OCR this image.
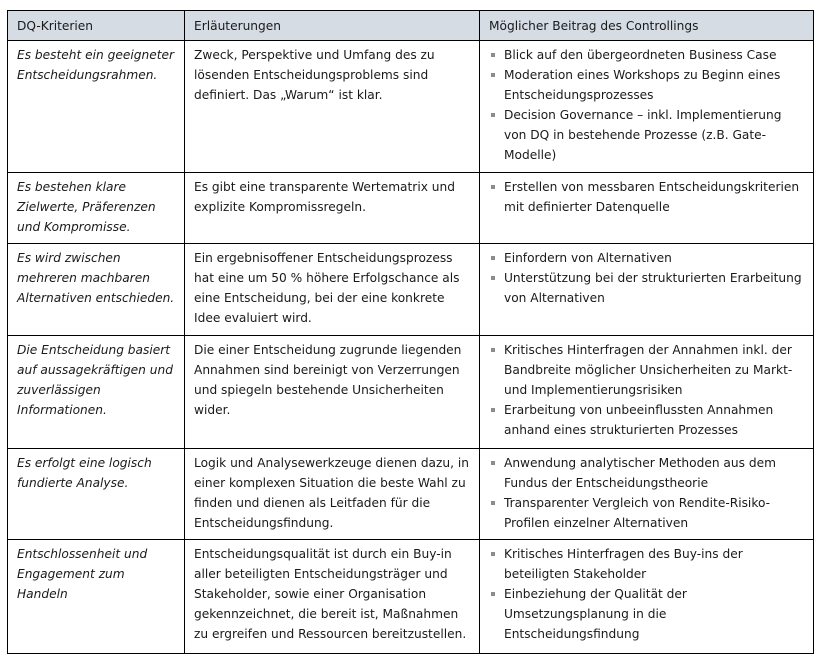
DQ-Kriterien	Erläuterungen	Möglicher Beitrag des Controllings
Es besteht ein geeigneter Entscheidungsrahmen.	Zweck, Perspektive und Umfang des zu lösenden Entscheidungsproblems sind definiert. Das „Warum“ ist klar.	
Blick auf den übergeordneten Business Case
Moderation eines Workshops zu Beginn eines Entscheidungsprozesses
Decision Governance – inkl. Implementierung von DQ in bestehende Prozesse (z.B. Gate-Modelle)

Es bestehen klare Zielwerte, Präferenzen und Kompromisse.	Es gibt eine transparente Wertematrix und explizite Kompromissregeln.	
Erstellen von messbaren Entscheidungskriterien mit definierter Datenquelle

Es wird zwischen mehreren machbaren Alternativen entschieden.	Ein ergebnisoffener Entscheidungsprozess hat eine um 50 % höhere Erfolgschance als eine Entscheidung, bei der eine konkrete Idee evaluiert wird.	
Einfordern von Alternativen
Unterstützung bei der strukturierten Erarbeitung von Alternativen

Die Entscheidung basiert auf aussagekräftigen und zuverlässigen Informationen.	Die einer Entscheidung zugrunde liegenden Annahmen sind bereinigt von Verzerrungen und spiegeln bestehende Unsicherheiten wider.	
Kritisches Hinterfragen der Annahmen inkl. der Bandbreite möglicher Unsicherheiten zu Markt- und Implementierungsrisiken
Erarbeitung von unbeeinflussten Annahmen anhand eines strukturierten Prozesses

Es erfolgt eine logisch fundierte Analyse.	Logik und Analysewerkzeuge dienen dazu, in einer komplexen Situation die beste Wahl zu finden und dienen als Leitfaden für die Entscheidungsfindung.	
Anwendung analytischer Methoden aus dem Fundus der Entscheidungstheorie
Transparenter Vergleich von Rendite-Risiko-Profilen einzelner Alternativen

Entschlossenheit und Engagement zum Handeln	Entscheidungsqualität ist durch ein Buy-in aller beteiligten Entscheidungsträger und Stakeholder, sowie einer Organisation gekennzeichnet, die bereit ist, Maßnahmen zu ergreifen und Ressourcen bereitzustellen.	
Kritisches Hinterfragen des Buy-ins der beteiligten Stakeholder
Einbeziehung der Qualität der Umsetzungsplanung in die Entscheidungsfindung
